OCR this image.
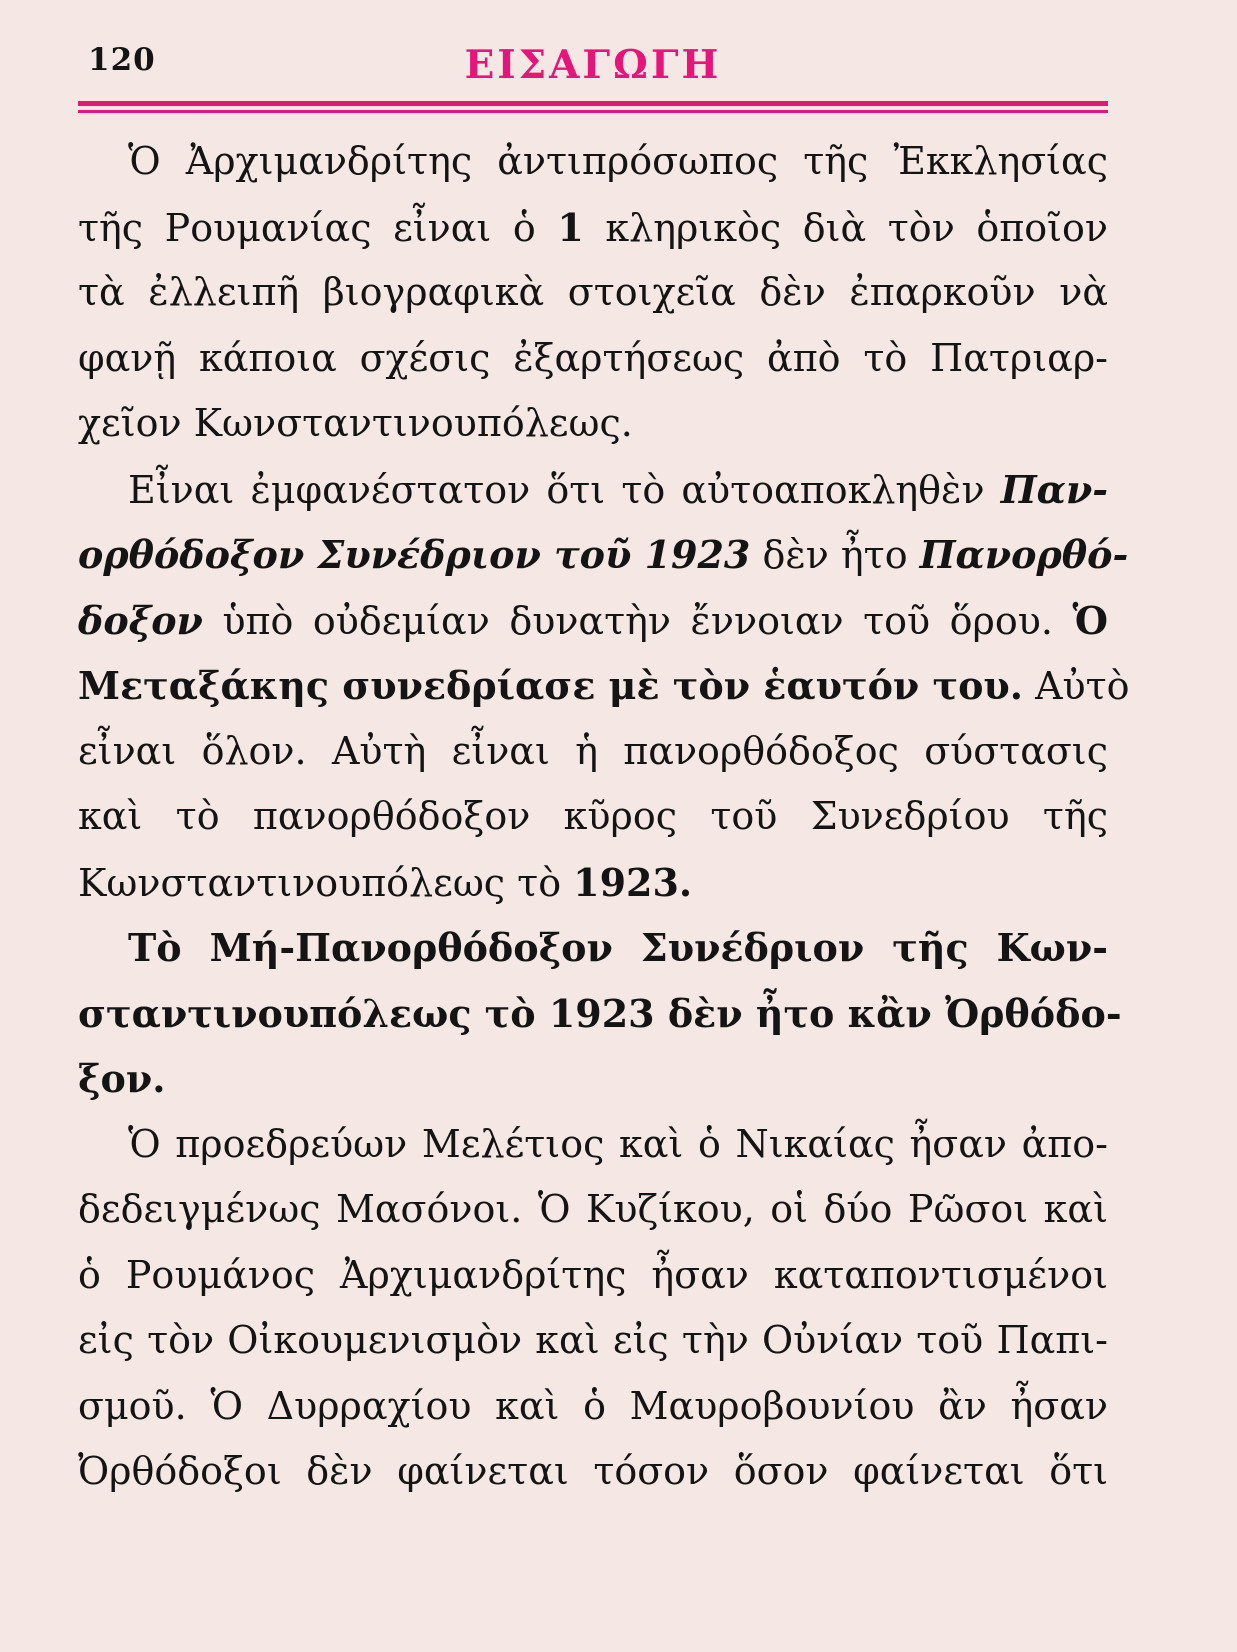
120	ΕΙΣΑΓΩΓΗ
Ὁ Ἀρχιμανδρίτης ἀντιπρόσωπος τῆς Ἐκκλησίας
τῆς Ρουμανίας εἶναι ὁ 1 κληρικὸς διὰ τὸν ὁποῖον
τὰ ἐλλειπῆ βιογραφικὰ στοιχεῖα δὲν ἐπαρκοῦν νὰ
φανῇ κάποια σχέσις ἐξαρτήσεως ἀπὸ τὸ Πατριαρ-
χεῖον Κωνσταντινουπόλεως.
Εἶναι ἐμφανέστατον ὅτι τὸ αὐτοαποκληθὲν Παν-
ορθόδοξον Συνέδριον τοῦ 1923 δὲν ἦτο Πανορθό-
δοξον ὑπὸ οὐδεμίαν δυνατὴν ἔννοιαν τοῦ ὅρου. Ὁ
Μεταξάκης συνεδρίασε μὲ τὸν ἑαυτόν του. Αὐτὸ
εἶναι ὅλον. Αὐτὴ εἶναι ἡ πανορθόδοξος σύστασις
καὶ τὸ πανορθόδοξον κῦρος τοῦ Συνεδρίου τῆς
Κωνσταντινουπόλεως τὸ 1923.
Τὸ Μή-Πανορθόδοξον Συνέδριον τῆς Κων-
σταντινουπόλεως τὸ 1923 δὲν ἦτο κἂν Ὀρθόδο-
ξον.
Ὁ προεδρεύων Μελέτιος καὶ ὁ Νικαίας ἦσαν ἀπο-
δεδειγμένως Μασόνοι. Ὁ Κυζίκου, οἱ δύο Ρῶσοι καὶ
ὁ Ρουμάνος Ἀρχιμανδρίτης ἦσαν καταποντισμένοι
εἰς τὸν Οἰκουμενισμὸν καὶ εἰς τὴν Οὐνίαν τοῦ Παπι-
σμοῦ. Ὁ Δυρραχίου καὶ ὁ Μαυροβουνίου ἂν ἦσαν
Ὀρθόδοξοι δὲν φαίνεται τόσον ὅσον φαίνεται ὅτι
